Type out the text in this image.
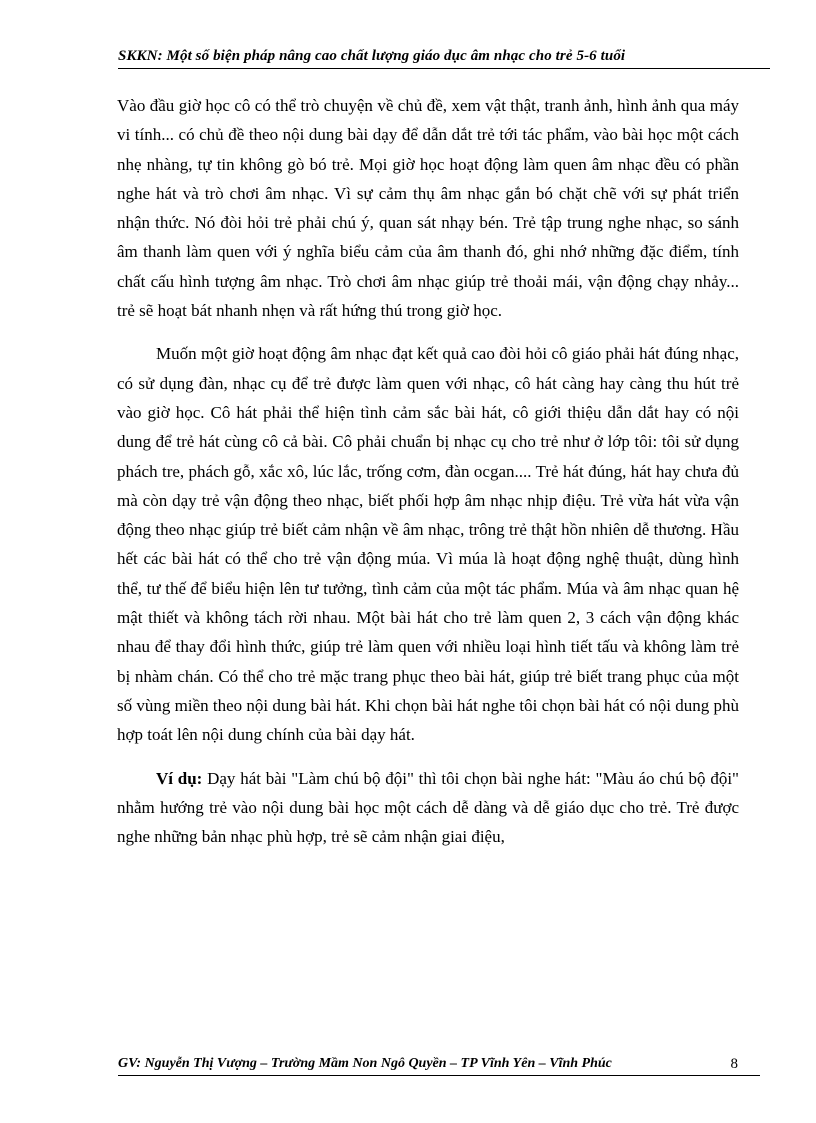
SKKN: Một số biện pháp nâng cao chất lượng giáo dục âm nhạc cho trẻ 5-6 tuổi

Vào đầu giờ học cô có thể trò chuyện về chủ đề, xem vật thật, tranh ảnh, hình ảnh qua máy vi tính... có chủ đề theo nội dung bài dạy để dẫn dắt trẻ tới tác phẩm, vào bài học một cách nhẹ nhàng, tự tin không gò bó trẻ. Mọi giờ học hoạt động làm quen âm nhạc đều có phần nghe hát và trò chơi âm nhạc. Vì sự cảm thụ âm nhạc gắn bó chặt chẽ với sự phát triển nhận thức. Nó đòi hỏi trẻ phải chú ý, quan sát nhạy bén. Trẻ tập trung nghe nhạc, so sánh âm thanh làm quen với ý nghĩa biểu cảm của âm thanh đó, ghi nhớ những đặc điểm, tính chất cấu hình tượng âm nhạc. Trò chơi âm nhạc giúp trẻ thoải mái, vận động chạy nhảy... trẻ sẽ hoạt bát nhanh nhẹn và rất hứng thú trong giờ học.

Muốn một giờ hoạt động âm nhạc đạt kết quả cao đòi hỏi cô giáo phải hát đúng nhạc, có sử dụng đàn, nhạc cụ để trẻ được làm quen với nhạc, cô hát càng hay càng thu hút trẻ vào giờ học. Cô hát phải thể hiện tình cảm sắc bài hát, cô giới thiệu dẫn dắt hay có nội dung để trẻ hát cùng cô cả bài. Cô phải chuẩn bị nhạc cụ cho trẻ như ở lớp tôi: tôi sử dụng phách tre, phách gỗ, xắc xô, lúc lắc, trống cơm, đàn ocgan.... Trẻ hát đúng, hát hay chưa đủ mà còn dạy trẻ vận động theo nhạc, biết phối hợp âm nhạc nhịp điệu. Trẻ vừa hát vừa vận động theo nhạc giúp trẻ biết cảm nhận về âm nhạc, trông trẻ thật hồn nhiên dễ thương. Hầu hết các bài hát có thể cho trẻ vận động múa. Vì múa là hoạt động nghệ thuật, dùng hình thể, tư thế để biểu hiện lên tư tưởng, tình cảm của một tác phẩm. Múa và âm nhạc quan hệ mật thiết và không tách rời nhau. Một bài hát cho trẻ làm quen 2, 3 cách vận động khác nhau để thay đổi hình thức, giúp trẻ làm quen với nhiều loại hình tiết tấu và không làm trẻ bị nhàm chán. Có thể cho trẻ mặc trang phục theo bài hát, giúp trẻ biết trang phục của một số vùng miền theo nội dung bài hát. Khi chọn bài hát nghe tôi chọn bài hát có nội dung phù hợp toát lên nội dung chính của bài dạy hát.

Ví dụ: Dạy hát bài "Làm chú bộ đội" thì tôi chọn bài nghe hát: "Màu áo chú bộ đội" nhằm hướng trẻ vào nội dung bài học một cách dễ dàng và dễ giáo dục cho trẻ. Trẻ được nghe những bản nhạc phù hợp, trẻ sẽ cảm nhận giai điệu,

GV: Nguyễn Thị Vượng – Trường Mầm Non Ngô Quyền – TP Vĩnh Yên – Vĩnh Phúc	8
